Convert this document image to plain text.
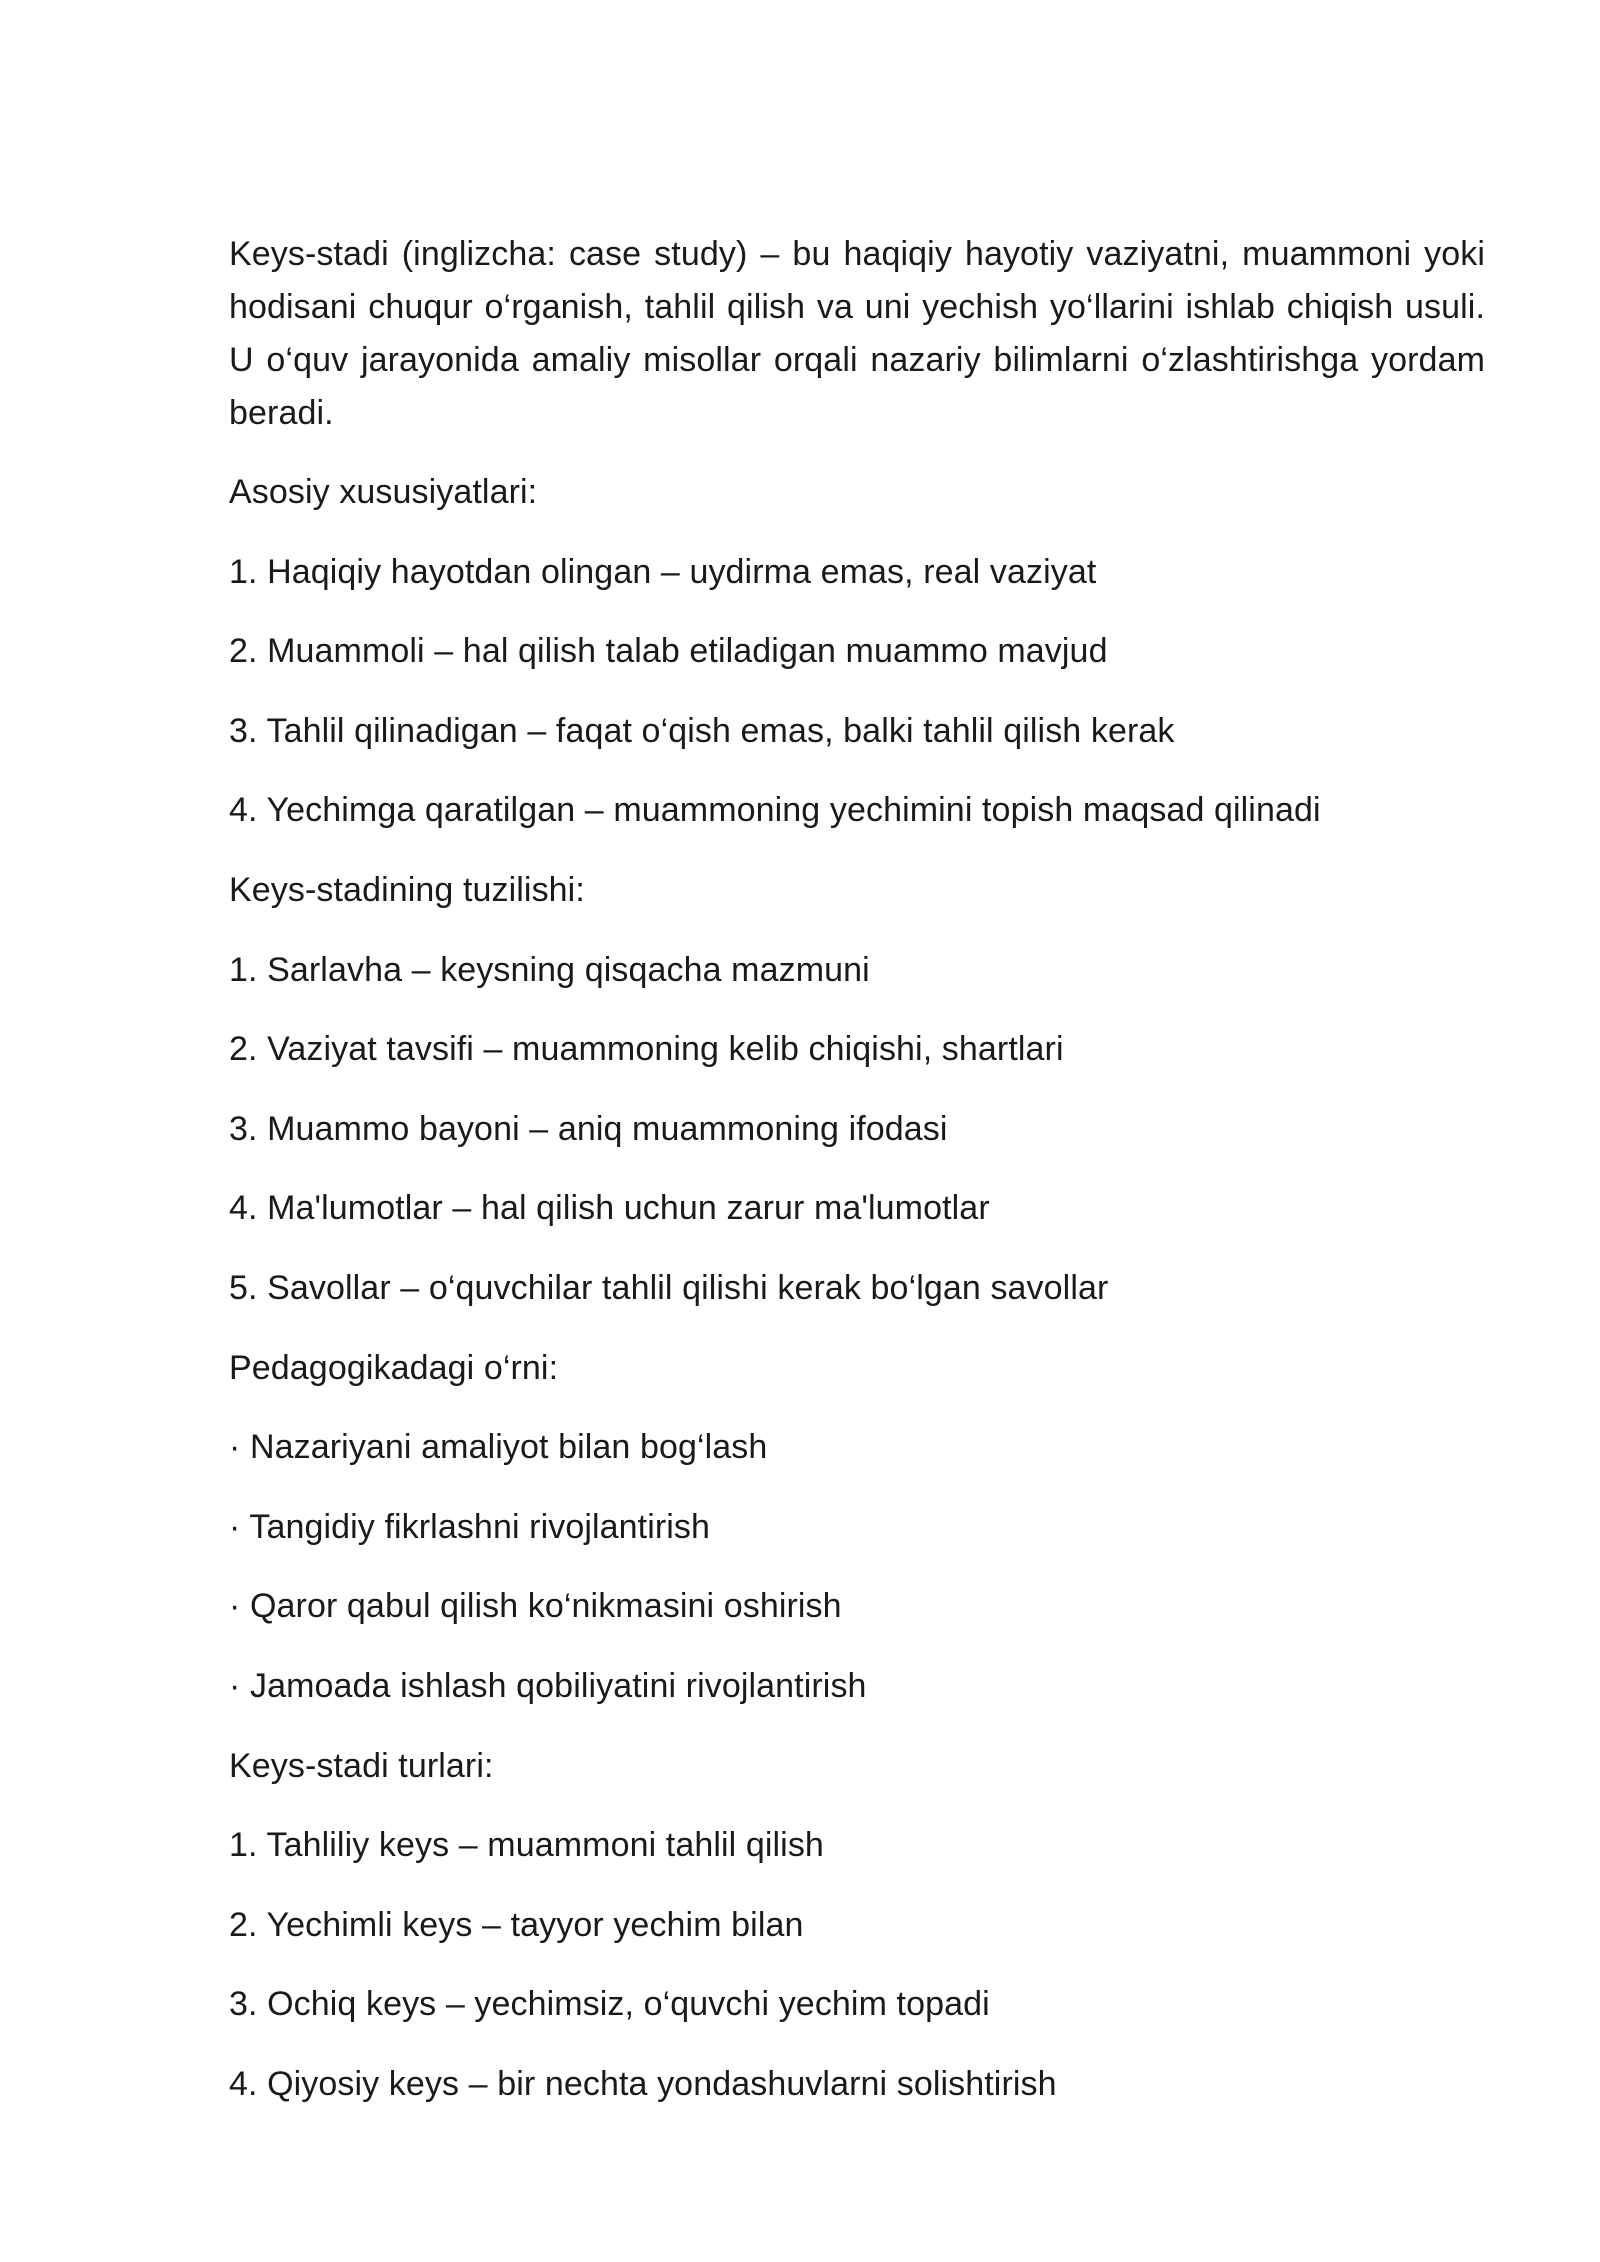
Keys-stadi (inglizcha: case study) – bu haqiqiy hayotiy vaziyatni, muammoni yoki hodisani chuqur o‘rganish, tahlil qilish va uni yechish yo‘llarini ishlab chiqish usuli. U o‘quv jarayonida amaliy misollar orqali nazariy bilimlarni o‘zlashtirishga yordam beradi.

Asosiy xususiyatlari:

1. Haqiqiy hayotdan olingan – uydirma emas, real vaziyat

2. Muammoli – hal qilish talab etiladigan muammo mavjud

3. Tahlil qilinadigan – faqat o‘qish emas, balki tahlil qilish kerak

4. Yechimga qaratilgan – muammoning yechimini topish maqsad qilinadi

Keys-stadining tuzilishi:

1. Sarlavha – keysning qisqacha mazmuni

2. Vaziyat tavsifi – muammoning kelib chiqishi, shartlari

3. Muammo bayoni – aniq muammoning ifodasi

4. Ma'lumotlar – hal qilish uchun zarur ma'lumotlar

5. Savollar – o‘quvchilar tahlil qilishi kerak bo‘lgan savollar

Pedagogikadagi o‘rni:

· Nazariyani amaliyot bilan bog‘lash

· Tangidiy fikrlashni rivojlantirish

· Qaror qabul qilish ko‘nikmasini oshirish

· Jamoada ishlash qobiliyatini rivojlantirish

Keys-stadi turlari:

1. Tahliliy keys – muammoni tahlil qilish

2. Yechimli keys – tayyor yechim bilan

3. Ochiq keys – yechimsiz, o‘quvchi yechim topadi

4. Qiyosiy keys – bir nechta yondashuvlarni solishtirish
